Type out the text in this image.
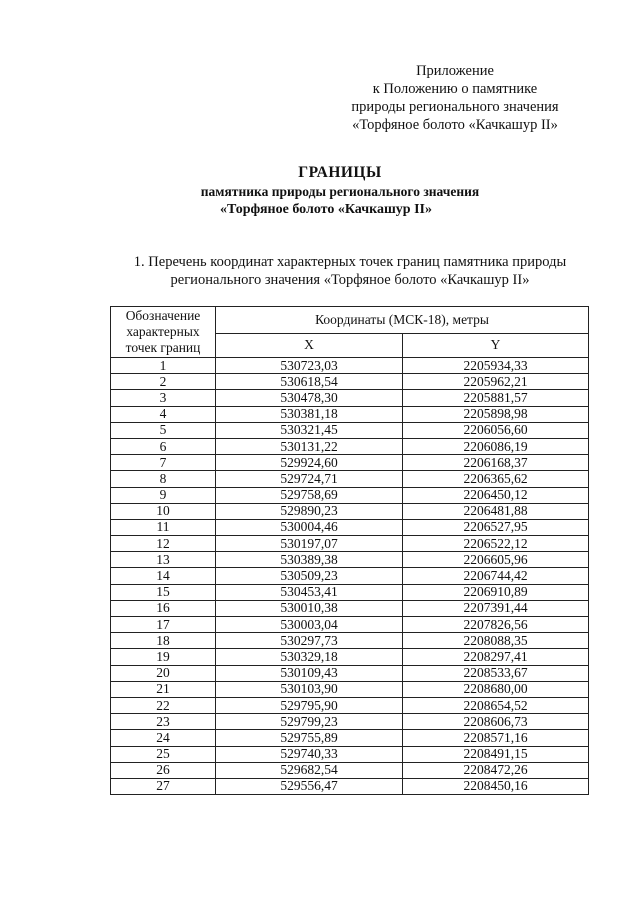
Приложение
к Положению о памятнике
природы регионального значения
«Торфяное болото «Качкашур II»
ГРАНИЦЫ
памятника природы регионального значения
«Торфяное болото «Качкашур II»
1. Перечень координат характерных точек границ памятника природы
регионального значения «Торфяное болото «Качкашур II»
Обозначение характерных точек границ	Координаты (МСК-18), метры	
	X	Y
1	530723,03	2205934,33
2	530618,54	2205962,21
3	530478,30	2205881,57
4	530381,18	2205898,98
5	530321,45	2206056,60
6	530131,22	2206086,19
7	529924,60	2206168,37
8	529724,71	2206365,62
9	529758,69	2206450,12
10	529890,23	2206481,88
11	530004,46	2206527,95
12	530197,07	2206522,12
13	530389,38	2206605,96
14	530509,23	2206744,42
15	530453,41	2206910,89
16	530010,38	2207391,44
17	530003,04	2207826,56
18	530297,73	2208088,35
19	530329,18	2208297,41
20	530109,43	2208533,67
21	530103,90	2208680,00
22	529795,90	2208654,52
23	529799,23	2208606,73
24	529755,89	2208571,16
25	529740,33	2208491,15
26	529682,54	2208472,26
27	529556,47	2208450,16
